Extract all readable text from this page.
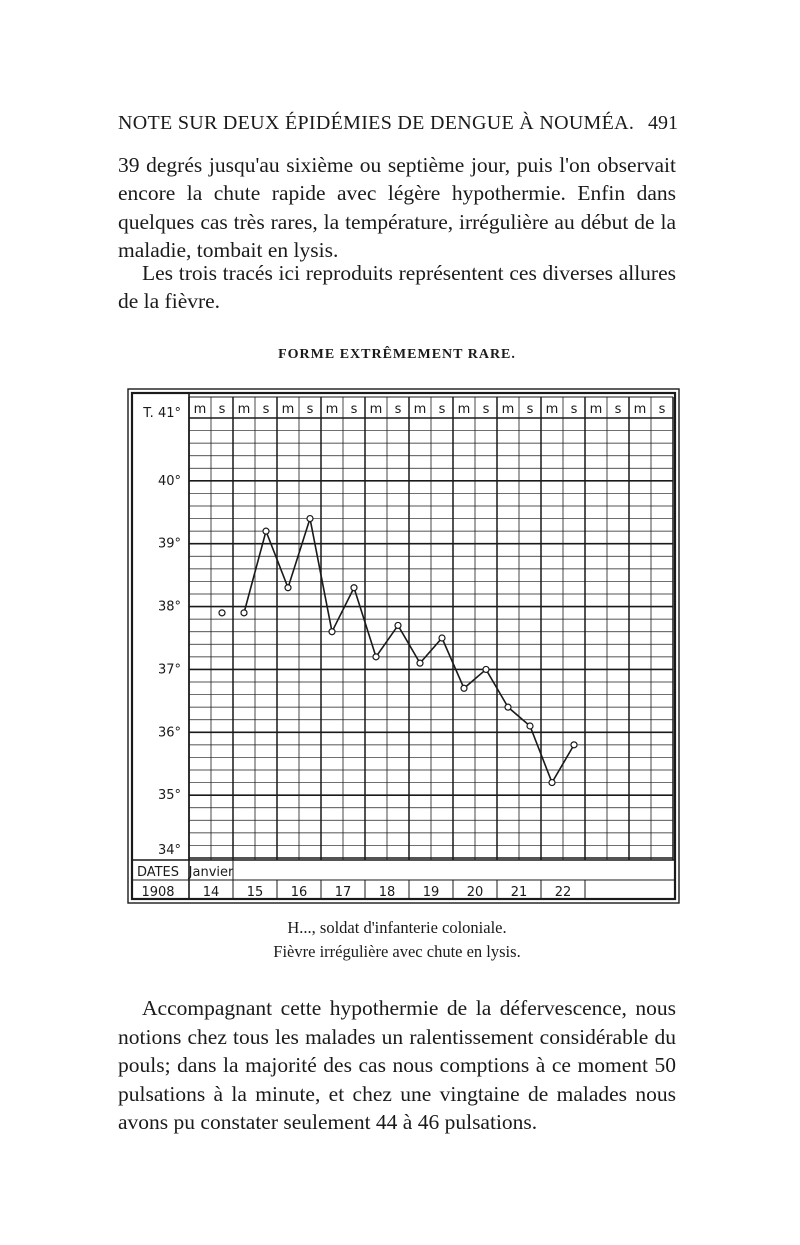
NOTE SUR DEUX ÉPIDÉMIES DE DENGUE À NOUMÉA. 491

39 degrés jusqu'au sixième ou septième jour, puis l'on observait encore la chute rapide avec légère hypothermie. Enfin dans quelques cas très rares, la température, irrégulière au début de la maladie, tombait en lysis.

Les trois tracés ici reproduits représentent ces diverses allures de la fièvre.

FORME EXTRÊMEMENT RARE.
m s m s m s m s m s m s m s m s m s m s m s
T. 41°
40°
39°
38°
37°
36°
35°
34°
DATES
1908
Janvier
14 15 16 17 18 19 20 21 22
H..., soldat d'infanterie coloniale.
Fièvre irrégulière avec chute en lysis.

Accompagnant cette hypothermie de la défervescence, nous notions chez tous les malades un ralentissement considérable du pouls; dans la majorité des cas nous comptions à ce moment 50 pulsations à la minute, et chez une vingtaine de malades nous avons pu constater seulement 44 à 46 pulsations.
